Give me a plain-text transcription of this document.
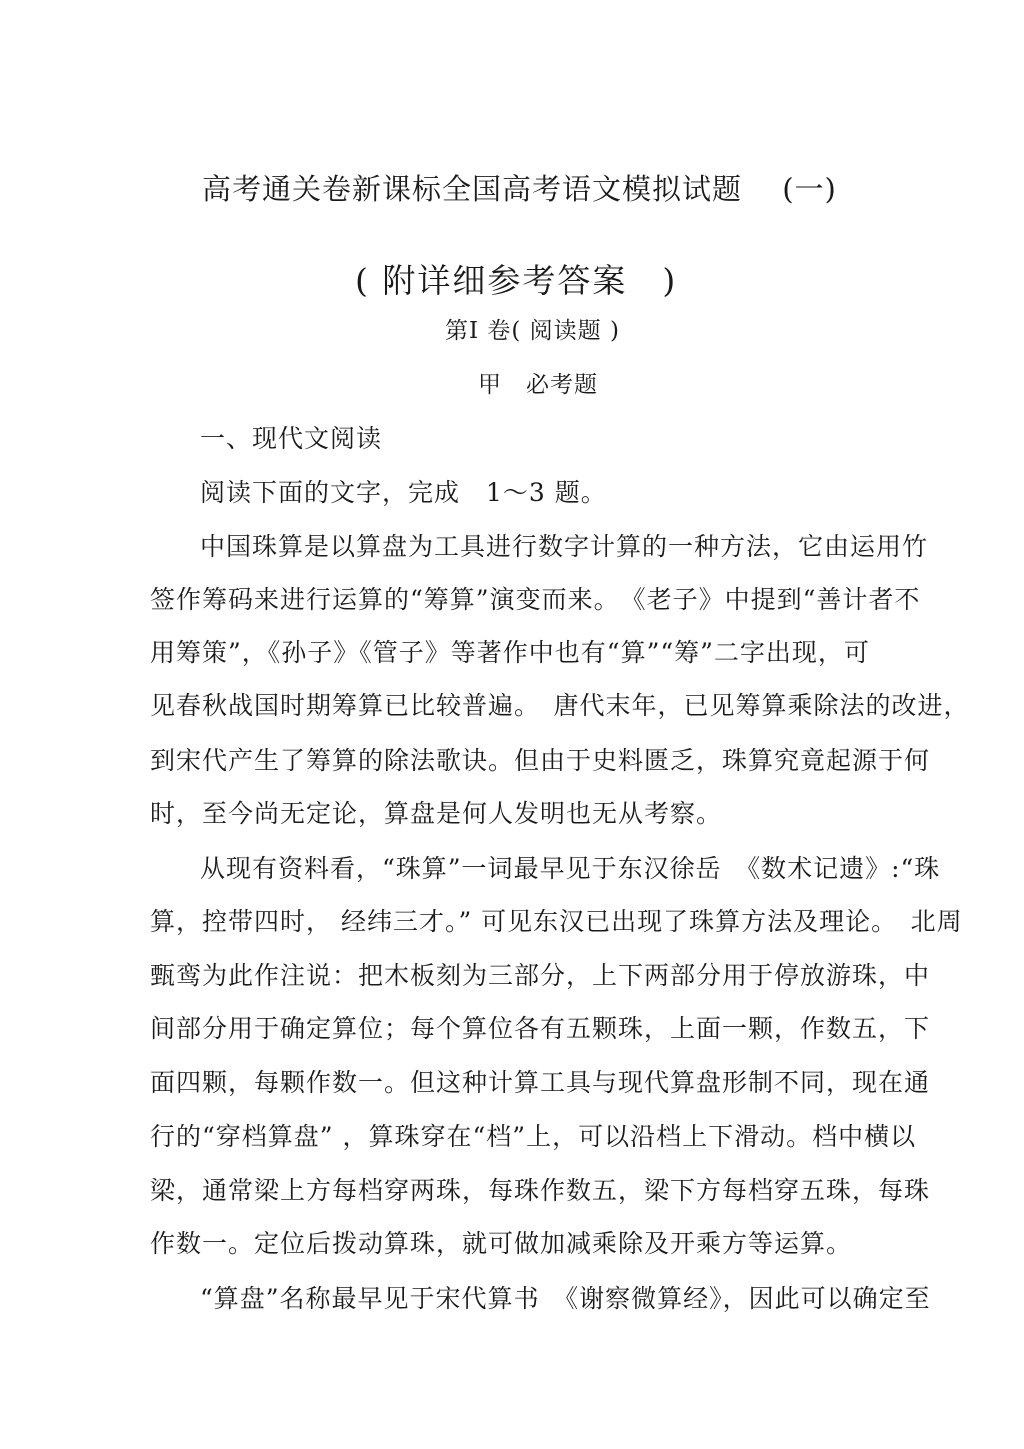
高考通关卷新课标全国高考语文模拟试题　 (一)
( 附详细参考答案　)
第Ⅰ 卷( 阅读题 )
甲　必考题
一、现代文阅读
阅读下面的文字，完成　1～3 题。
中国珠算是以算盘为工具进行数字计算的一种方法，它由运用竹
签作筹码来进行运算的“筹算”演变而来。　《老子》中提到“善计者不
用筹策”，《孙子》《管子》等著作中也有“算”“筹”二字出现，可
见春秋战国时期筹算已比较普遍。　唐代末年，已见筹算乘除法的改进，
到宋代产生了筹算的除法歌诀。但由于史料匮乏，珠算究竟起源于何
时，至今尚无定论，算盘是何人发明也无从考察。
从现有资料看，“珠算”一词最早见于东汉徐岳　《数术记遗》:“珠
算，控带四时， 经纬三才。” 可见东汉已出现了珠算方法及理论。　北周
甄鸾为此作注说：把木板刻为三部分，上下两部分用于停放游珠，中
间部分用于确定算位；每个算位各有五颗珠，上面一颗，作数五，下
面四颗，每颗作数一。但这种计算工具与现代算盘形制不同，现在通
行的“穿档算盘” ，算珠穿在“档”上，可以沿档上下滑动。档中横以
梁，通常梁上方每档穿两珠，每珠作数五，梁下方每档穿五珠，每珠
作数一。定位后拨动算珠，就可做加减乘除及开乘方等运算。
“算盘”名称最早见于宋代算书　《谢察微算经》，因此可以确定至
